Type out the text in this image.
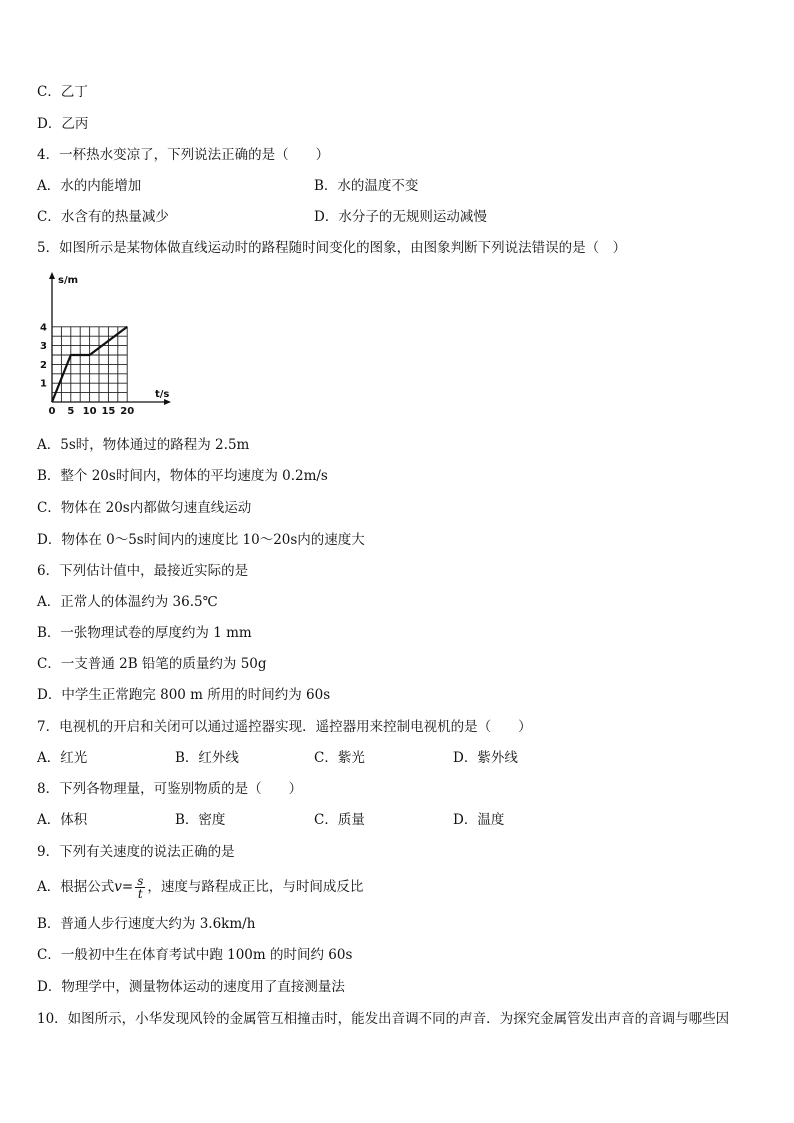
C．乙丁
D．乙丙
4．一杯热水变凉了，下列说法正确的是（　　）
A．水的内能增加	B．水的温度不变
C．水含有的热量减少	D．水分子的无规则运动减慢
5．如图所示是某物体做直线运动时的路程随时间变化的图象，由图象判断下列说法错误的是（　）
s/m
t/s
0 5 10 15 20
1
2
3
4
A．5s时，物体通过的路程为 2.5m
B．整个 20s时间内，物体的平均速度为 0.2m/s
C．物体在 20s内都做匀速直线运动
D．物体在 0～5s时间内的速度比 10～20s内的速度大
6．下列估计值中，最接近实际的是
A．正常人的体温约为 36.5℃
B．一张物理试卷的厚度约为 1 mm
C．一支普通 2B 铅笔的质量约为 50g
D．中学生正常跑完 800 m 所用的时间约为 60s
7．电视机的开启和关闭可以通过遥控器实现．遥控器用来控制电视机的是（　　）
A．红光	B．红外线	C．紫光	D．紫外线
8．下列各物理量，可鉴别物质的是（　　）
A．体积	B．密度	C．质量	D．温度
9．下列有关速度的说法正确的是
A．根据公式$v= \frac{s}{t}$ ，速度与路程成正比，与时间成反比
B．普通人步行速度大约为 3.6km/h
C．一般初中生在体育考试中跑 100m 的时间约 60s
D．物理学中，测量物体运动的速度用了直接测量法
10．如图所示，小华发现风铃的金属管互相撞击时，能发出音调不同的声音．为探究金属管发出声音的音调与哪些因
